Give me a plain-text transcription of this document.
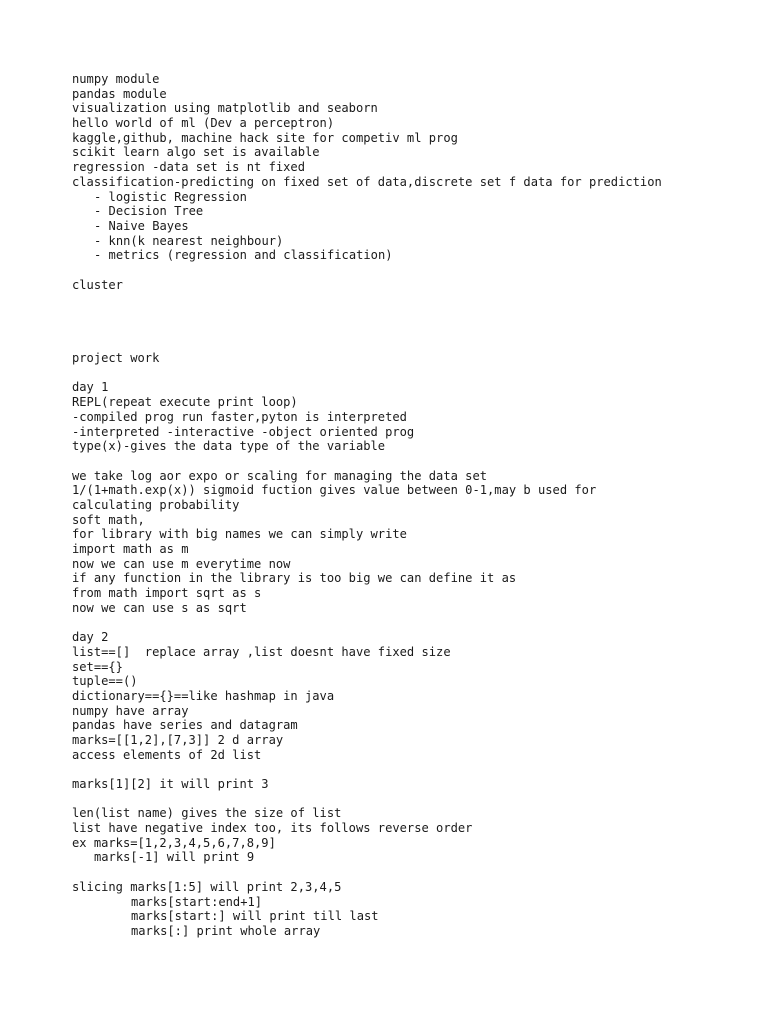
numpy module
pandas module
visualization using matplotlib and seaborn
hello world of ml (Dev a perceptron)
kaggle,github, machine hack site for competiv ml prog
scikit learn algo set is available
regression -data set is nt fixed
classification-predicting on fixed set of data,discrete set f data for prediction
- logistic Regression
- Decision Tree
- Naive Bayes
- knn(k nearest neighbour)
- metrics (regression and classification)
cluster
project work
day 1
REPL(repeat execute print loop)
-compiled prog run faster,pyton is interpreted
-interpreted -interactive -object oriented prog
type(x)-gives the data type of the variable
we take log aor expo or scaling for managing the data set
1/(1+math.exp(x)) sigmoid fuction gives value between 0-1,may b used for
calculating probability
soft math,
for library with big names we can simply write
import math as m
now we can use m everytime now
if any function in the library is too big we can define it as
from math import sqrt as s
now we can use s as sqrt
day 2
list==[]  replace array ,list doesnt have fixed size
set=={}
tuple==()
dictionary=={}==like hashmap in java
numpy have array
pandas have series and datagram
marks=[[1,2],[7,3]] 2 d array
access elements of 2d list
marks[1][2] it will print 3
len(list name) gives the size of list
list have negative index too, its follows reverse order
ex marks=[1,2,3,4,5,6,7,8,9]
marks[-1] will print 9
slicing marks[1:5] will print 2,3,4,5
marks[start:end+1]
marks[start:] will print till last
marks[:] print whole array
